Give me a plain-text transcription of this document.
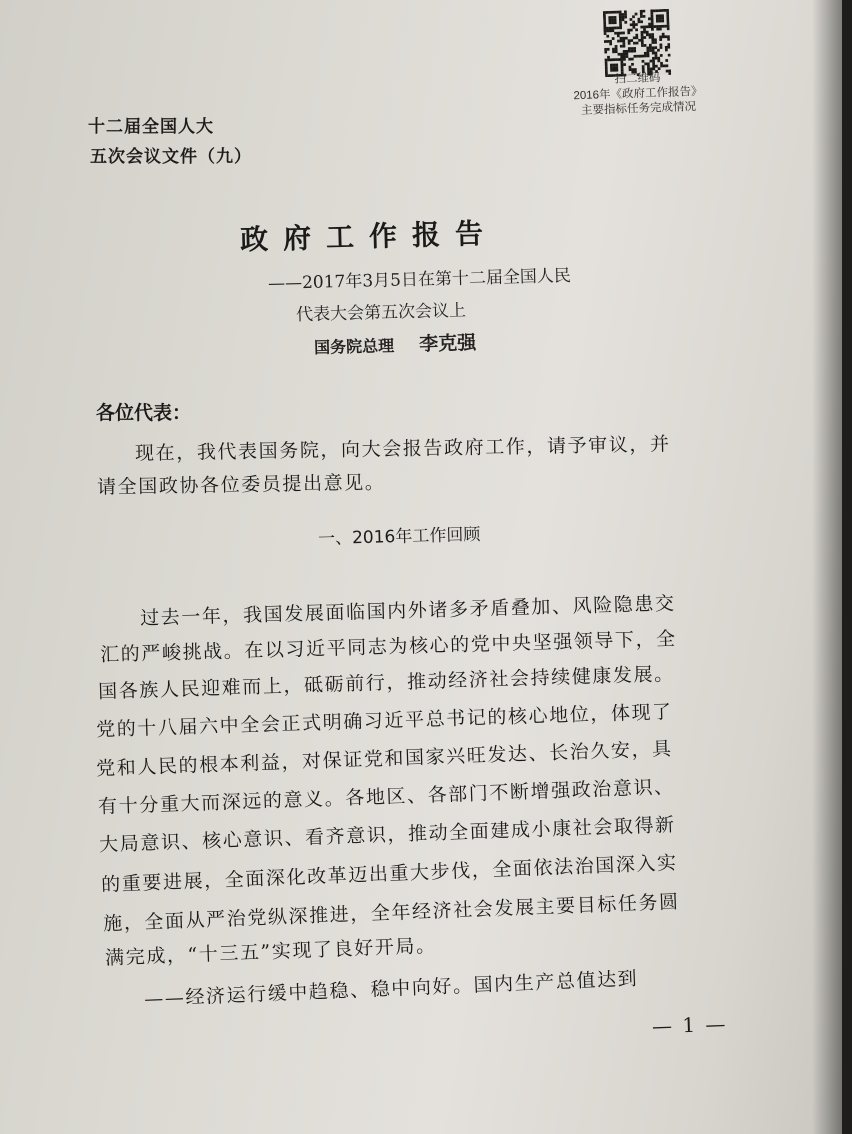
扫二维码
2016年《政府工作报告》
主要指标任务完成情况
十二届全国人大
五次会议文件（九）
政府工作报告
——2017年3月5日在第十二届全国人民
代表大会第五次会议上
国务院总理 李克强
各位代表：
现在，我代表国务院，向大会报告政府工作，请予审议，并
请全国政协各位委员提出意见。
一、2016年工作回顾
过去一年，我国发展面临国内外诸多矛盾叠加、风险隐患交
汇的严峻挑战。在以习近平同志为核心的党中央坚强领导下，全
国各族人民迎难而上，砥砺前行，推动经济社会持续健康发展。
党的十八届六中全会正式明确习近平总书记的核心地位，体现了
党和人民的根本利益，对保证党和国家兴旺发达、长治久安，具
有十分重大而深远的意义。各地区、各部门不断增强政治意识、
大局意识、核心意识、看齐意识，推动全面建成小康社会取得新
的重要进展，全面深化改革迈出重大步伐，全面依法治国深入实
施，全面从严治党纵深推进，全年经济社会发展主要目标任务圆
满完成，“十三五”实现了良好开局。
——经济运行缓中趋稳、稳中向好。国内生产总值达到
— 1 —
